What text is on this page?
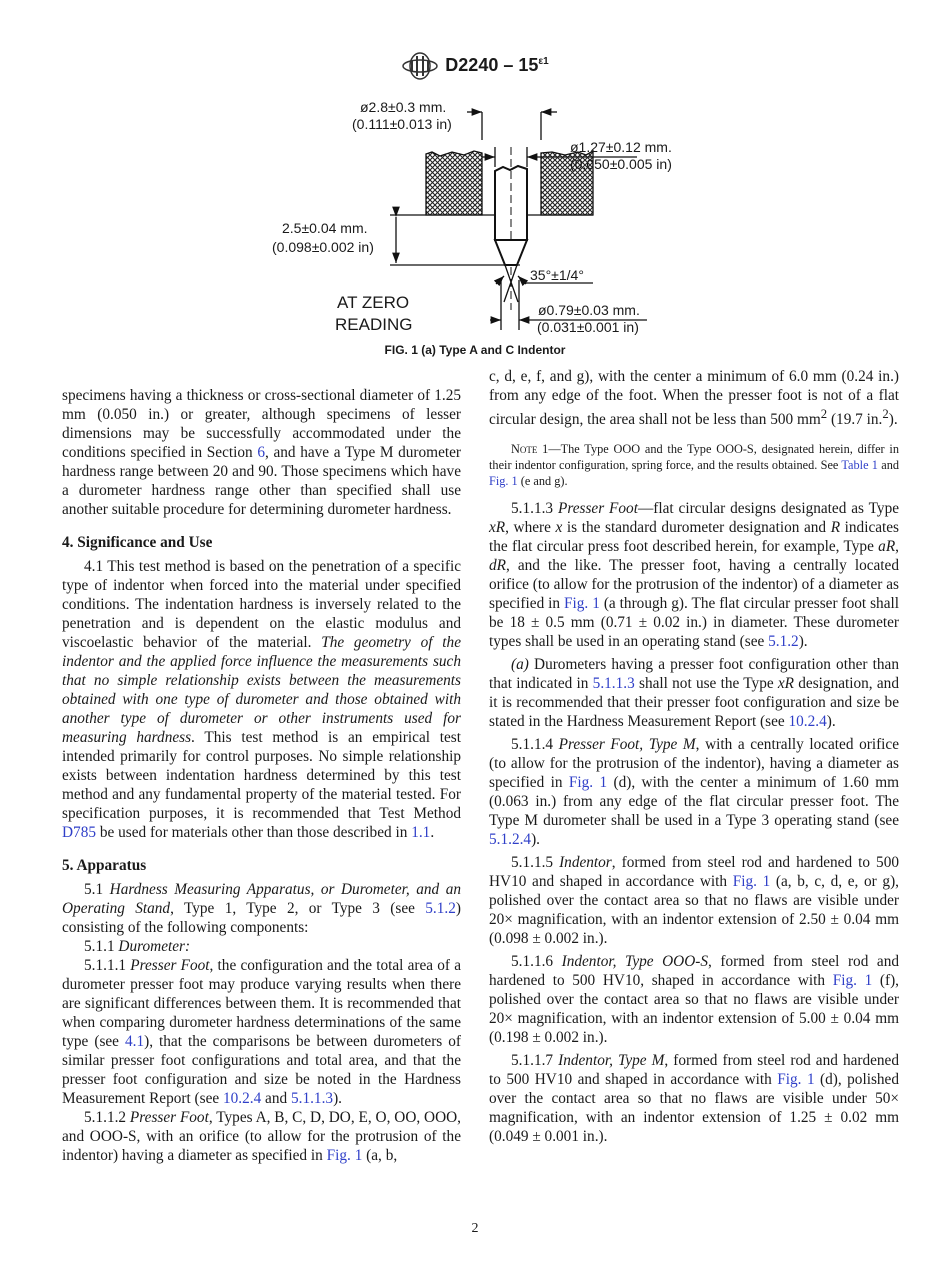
$D2240 - 15^{\varepsilon 1}$
ø2.8±0.3 mm.
(0.111±0.013 in)
ø1.27±0.12 mm.
(0.050±0.005 in)
2.5±0.04 mm.
(0.098±0.002 in)
35°±1/4°
ø0.79±0.03 mm.
(0.031±0.001 in)
AT ZERO
READING
FIG. 1 (a) Type A and C Indentor

specimens having a thickness or cross-sectional diameter of 1.25 mm (0.050 in.) or greater, although specimens of lesser dimensions may be successfully accommodated under the conditions specified in Section 6, and have a Type M durometer hardness range between 20 and 90. Those specimens which have a durometer hardness range other than specified shall use another suitable procedure for determining durometer hardness.

4. Significance and Use

4.1 This test method is based on the penetration of a specific type of indentor when forced into the material under specified conditions. The indentation hardness is inversely related to the penetration and is dependent on the elastic modulus and viscoelastic behavior of the material. The geometry of the indentor and the applied force influence the measurements such that no simple relationship exists between the measurements obtained with one type of durometer and those obtained with another type of durometer or other instruments used for measuring hardness. This test method is an empirical test intended primarily for control purposes. No simple relationship exists between indentation hardness determined by this test method and any fundamental property of the material tested. For specification purposes, it is recommended that Test Method D785 be used for materials other than those described in 1.1.

5. Apparatus

5.1 Hardness Measuring Apparatus, or Durometer, and an Operating Stand, Type 1, Type 2, or Type 3 (see 5.1.2) consisting of the following components:

5.1.1 Durometer:

5.1.1.1 Presser Foot, the configuration and the total area of a durometer presser foot may produce varying results when there are significant differences between them. It is recommended that when comparing durometer hardness determinations of the same type (see 4.1), that the comparisons be between durometers of similar presser foot configurations and total area, and that the presser foot configuration and size be noted in the Hardness Measurement Report (see 10.2.4 and 5.1.1.3).

5.1.1.2 Presser Foot, Types A, B, C, D, DO, E, O, OO, OOO, and OOO-S, with an orifice (to allow for the protrusion of the indentor) having a diameter as specified in Fig. 1 (a, b,

c, d, e, f, and g), with the center a minimum of 6.0 mm (0.24 in.) from any edge of the foot. When the presser foot is not of a flat circular design, the area shall not be less than 500 $mm^2$ (19.7 in.$^2$).

Note 1—The Type OOO and the Type OOO-S, designated herein, differ in their indentor configuration, spring force, and the results obtained. See Table 1 and Fig. 1 (e and g).

5.1.1.3 Presser Foot—flat circular designs designated as Type xR, where x is the standard durometer designation and R indicates the flat circular press foot described herein, for example, Type aR, dR, and the like. The presser foot, having a centrally located orifice (to allow for the protrusion of the indentor) of a diameter as specified in Fig. 1 (a through g). The flat circular presser foot shall be 18 ± 0.5 mm (0.71 ± 0.02 in.) in diameter. These durometer types shall be used in an operating stand (see 5.1.2).

(a) Durometers having a presser foot configuration other than that indicated in 5.1.1.3 shall not use the Type xR designation, and it is recommended that their presser foot configuration and size be stated in the Hardness Measurement Report (see 10.2.4).

5.1.1.4 Presser Foot, Type M, with a centrally located orifice (to allow for the protrusion of the indentor), having a diameter as specified in Fig. 1 (d), with the center a minimum of 1.60 mm (0.063 in.) from any edge of the flat circular presser foot. The Type M durometer shall be used in a Type 3 operating stand (see 5.1.2.4).

5.1.1.5 Indentor, formed from steel rod and hardened to 500 HV10 and shaped in accordance with Fig. 1 (a, b, c, d, e, or g), polished over the contact area so that no flaws are visible under 20× magnification, with an indentor extension of 2.50 ± 0.04 mm (0.098 ± 0.002 in.).

5.1.1.6 Indentor, Type OOO-S, formed from steel rod and hardened to 500 HV10, shaped in accordance with Fig. 1 (f), polished over the contact area so that no flaws are visible under 20× magnification, with an indentor extension of 5.00 ± 0.04 mm (0.198 ± 0.002 in.).

5.1.1.7 Indentor, Type M, formed from steel rod and hardened to 500 HV10 and shaped in accordance with Fig. 1 (d), polished over the contact area so that no flaws are visible under 50× magnification, with an indentor extension of 1.25 ± 0.02 mm (0.049 ± 0.001 in.).

2
